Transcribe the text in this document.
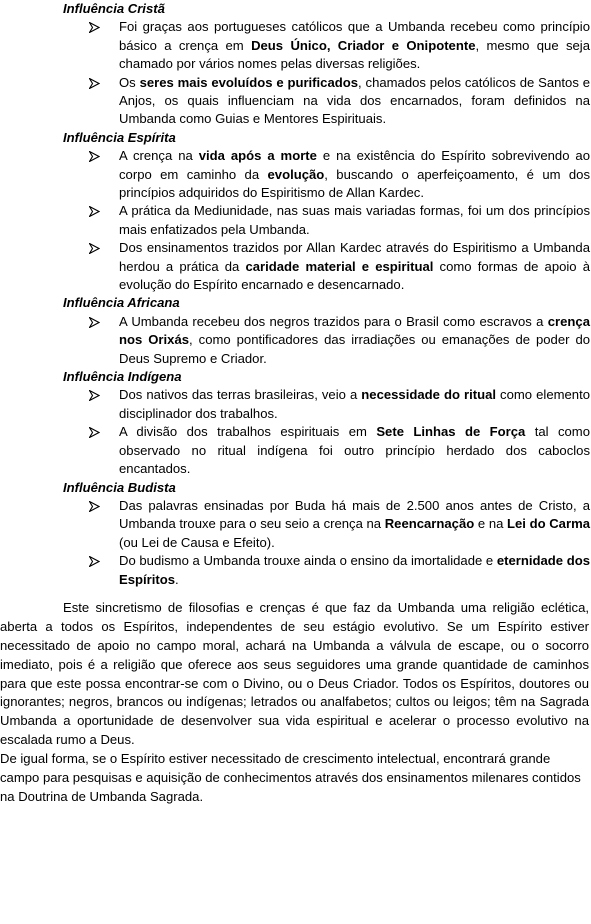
Influência Cristã
Foi graças aos portugueses católicos que a Umbanda recebeu como princípio básico a crença em Deus Único, Criador e Onipotente, mesmo que seja chamado por vários nomes pelas diversas religiões.
Os seres mais evoluídos e purificados, chamados pelos católicos de Santos e Anjos, os quais influenciam na vida dos encarnados, foram definidos na Umbanda como Guias e Mentores Espirituais.
Influência Espírita
A crença na vida após a morte e na existência do Espírito sobrevivendo ao corpo em caminho da evolução, buscando o aperfeiçoamento, é um dos princípios adquiridos do Espiritismo de Allan Kardec.
A prática da Mediunidade, nas suas mais variadas formas, foi um dos princípios mais enfatizados pela Umbanda.
Dos ensinamentos trazidos por Allan Kardec através do Espiritismo a Umbanda herdou a prática da caridade material e espiritual como formas de apoio à evolução do Espírito encarnado e desencarnado.
Influência Africana
A Umbanda recebeu dos negros trazidos para o Brasil como escravos a crença nos Orixás, como pontificadores das irradiações ou emanações de poder do Deus Supremo e Criador.
Influência Indígena
Dos nativos das terras brasileiras, veio a necessidade do ritual como elemento disciplinador dos trabalhos.
A divisão dos trabalhos espirituais em Sete Linhas de Força tal como observado no ritual indígena foi outro princípio herdado dos caboclos encantados.
Influência Budista
Das palavras ensinadas por Buda há mais de 2.500 anos antes de Cristo, a Umbanda trouxe para o seu seio a crença na Reencarnação e na Lei do Carma (ou Lei de Causa e Efeito).
Do budismo a Umbanda trouxe ainda o ensino da imortalidade e eternidade dos Espíritos.

Este sincretismo de filosofias e crenças é que faz da Umbanda uma religião eclética, aberta a todos os Espíritos, independentes de seu estágio evolutivo. Se um Espírito estiver necessitado de apoio no campo moral, achará na Umbanda a válvula de escape, ou o socorro imediato, pois é a religião que oferece aos seus seguidores uma grande quantidade de caminhos para que este possa encontrar-se com o Divino, ou o Deus Criador. Todos os Espíritos, doutores ou ignorantes; negros, brancos ou indígenas; letrados ou analfabetos; cultos ou leigos; têm na Sagrada Umbanda a oportunidade de desenvolver sua vida espiritual e acelerar o processo evolutivo na escalada rumo a Deus.

De igual forma, se o Espírito estiver necessitado de crescimento intelectual, encontrará grande campo para pesquisas e aquisição de conhecimentos através dos ensinamentos milenares contidos na Doutrina de Umbanda Sagrada.
